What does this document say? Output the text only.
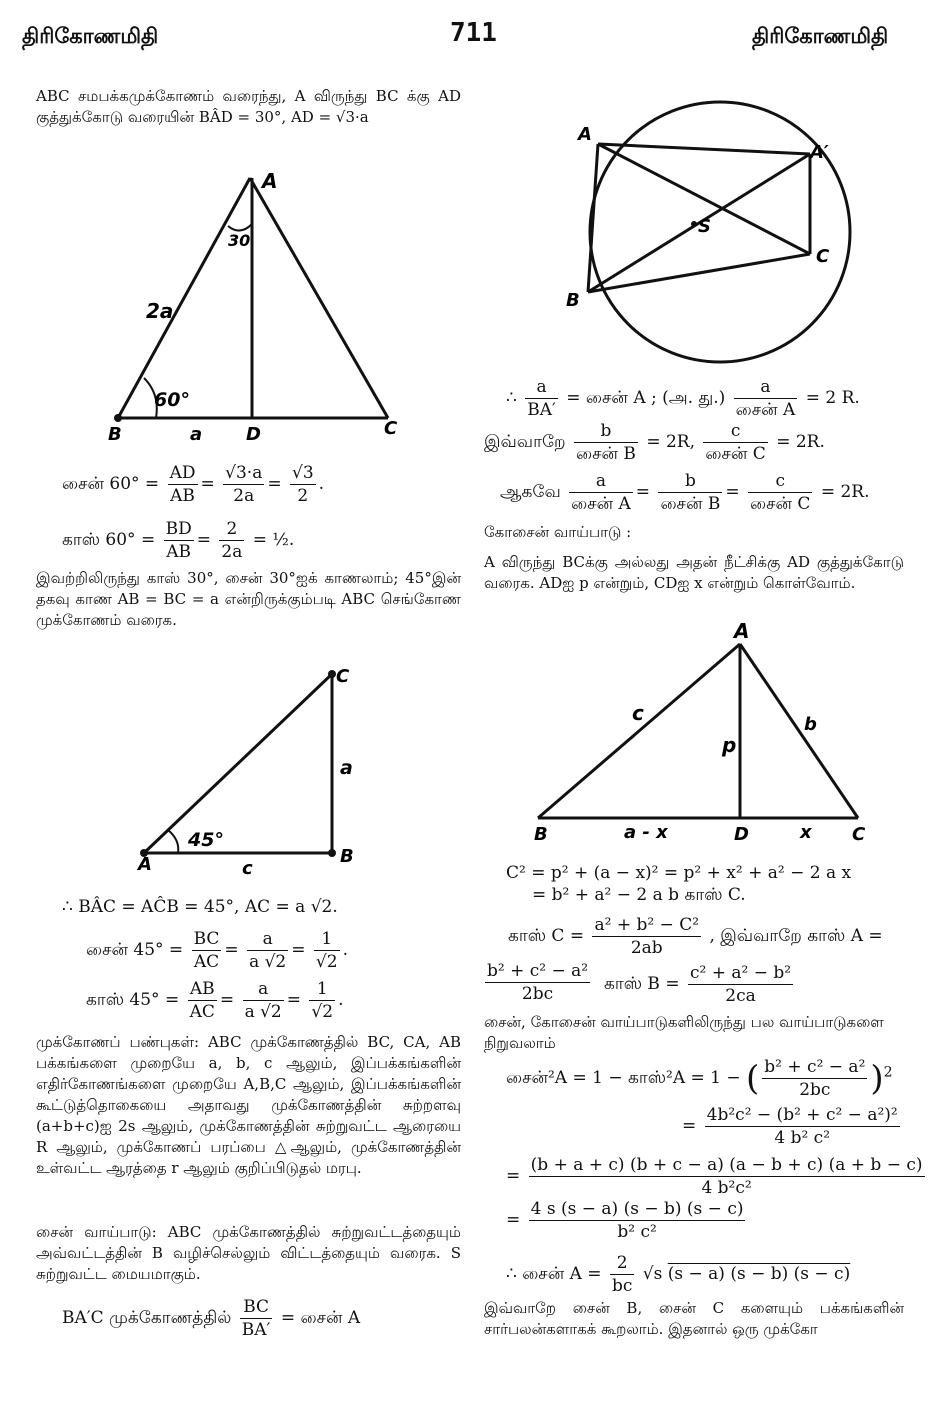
திரிகோணமிதி	711	திரிகோணமிதி
ABC சமபக்கமுக்கோணம் வரைந்து, A விருந்து BC க்கு AD குத்துக்கோடு வரையின் BÂD = 30°, AD = √3·a
A
30
2a
60°
B	a D	C
சைன் $60^\circ = \frac{AD}{AB} = \frac{√3\cdot a}{2a} = \frac{√3}{2}$ .
காஸ் $60^\circ = \frac{BD}{AB} = \frac{2}{2a}$ = ½.
இவற்றிலிருந்து காஸ் 30°, சைன் 30°ஐக் காணலாம்; 45°இன் தகவு காண AB = BC = a என்றிருக்கும்படி ABC செங்கோண முக்கோணம் வரைக.
C
a
45°
A	c
B
∴ BÂC = AĈB = 45°, AC = a √2.
சைன் $45^\circ = \frac{BC}{AC} = \frac{a}{a √2} = \frac{1}{√2}$ .
காஸ் $45^\circ = \frac{AB}{AC} = \frac{a}{a √2} = \frac{1}{√2}$ .
முக்கோணப் பண்புகள்: ABC முக்கோணத்தில் BC, CA, AB பக்கங்களை முறையே a, b, c ஆலும், இப்பக்கங்களின் எதிர்கோணங்களை முறையே A,B,C ஆலும், இப்பக்கங்களின் கூட்டுத்தொகையை அதாவது முக்கோணத்தின் சுற்றளவு (a+b+c)ஐ 2s ஆலும், முக்கோணத்தின் சுற்றுவட்ட ஆரையை R ஆலும், முக்கோணப் பரப்பை △ஆலும், முக்கோணத்தின் உள்வட்ட ஆரத்தை r ஆலும் குறிப்பிடுதல் மரபு.
சைன் வாய்பாடு: ABC முக்கோணத்தில் சுற்றுவட்டத்தையும் அவ்வட்டத்தின் B வழிச்செல்லும் விட்டத்தையும் வரைக. S சுற்றுவட்ட மையமாகும்.
BA′C முக்கோணத்தில் $\frac{BC}{BA'}$ = சைன் A
A
A′
S
C
B
∴ $\frac{a}{BA'}$ = சைன் A ; (அ. து.) $\frac{a}{\text{சைன் A}} = 2$ R.
இவ்வாறே $\frac{b}{\text{சைன் B}} = 2R$, $\frac{c}{\text{சைன் C}} = 2R$.
ஆகவே $\frac{a}{\text{சைன் A}} = \frac{b}{\text{சைன் B}} = \frac{c}{\text{சைன் C}} = 2R$.
கோசைன் வாய்பாடு :
A விருந்து BCக்கு அல்லது அதன் நீட்சிக்கு AD குத்துக்கோடு வரைக. ADஐ p என்றும், CDஐ x என்றும் கொள்வோம்.
A
c	b
p
B	a - x	D	x C
C² = p² + (a − x)² = p² + x² + a² − 2 a x
= b² + a² − 2 a b காஸ் C.
காஸ் $C = \frac{\text{a² + b² − C²}}{2ab}$ , இவ்வாறே காஸ் A =
$\frac{\text{b² + c² − a²}}{2bc}$ காஸ் $B = \frac{\text{c² + a² − b²}}{2ca}$
சைன், கோசைன் வாய்பாடுகளிலிருந்து பல வாய்பாடுகளை நிறுவலாம்
சைன்²A = 1 − காஸ்²A = 1 − ( $\frac{\text{b² + c² − a²}}{2bc} )^2$
= $\frac{\text{4b²c² − (b² + c² − a²)²}}{\text{4 b² c²}}$
= $\frac{(b + a + c) (b + c - a) (a - b + c) (a + b - c)}{\text{4 b²c²}}$
= $\frac{4 s (s - a) (s - b) (s - c)}{\text{b² c²}}$
∴ சைன் $A = \frac{2}{bc} √s$ (s − a) (s − b) (s − c)
இவ்வாறே சைன் B, சைன் C களையும் பக்கங்களின் சார்பலன்களாகக் கூறலாம். இதனால் ஒரு முக்கோ
